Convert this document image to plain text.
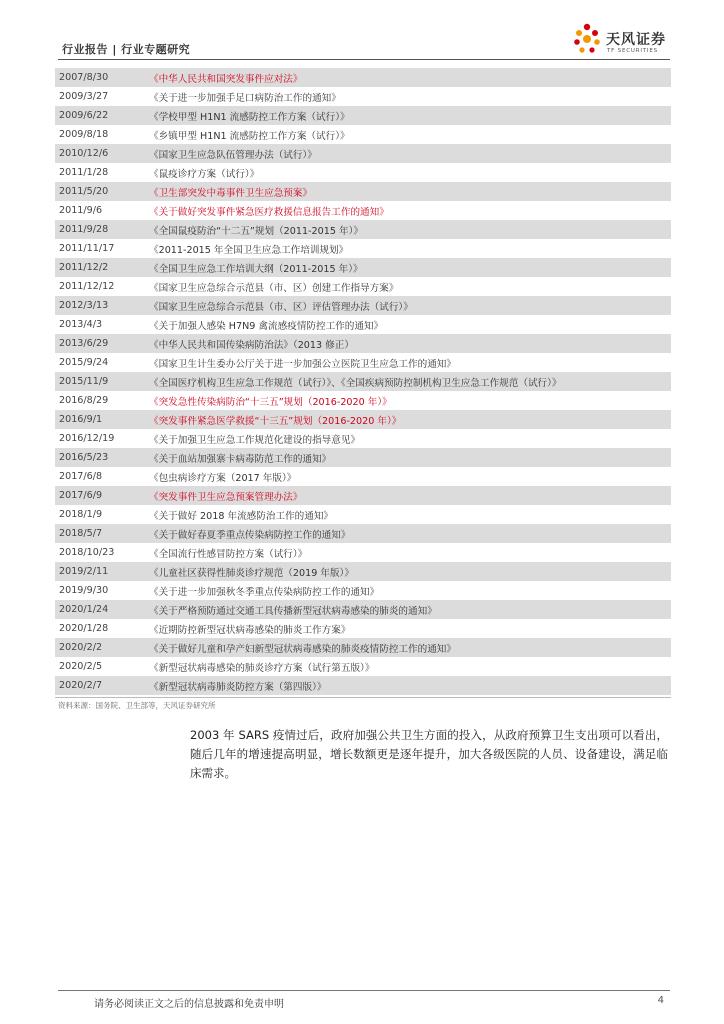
行业报告 | 行业专题研究
天风证券
TF SECURITIES
2007/8/30	《中华人民共和国突发事件应对法》
2009/3/27	《关于进一步加强手足口病防治工作的通知》
2009/6/22	《学校甲型 H1N1 流感防控工作方案（试行）》
2009/8/18	《乡镇甲型 H1N1 流感防控工作方案（试行）》
2010/12/6	《国家卫生应急队伍管理办法（试行）》
2011/1/28	《鼠疫诊疗方案（试行）》
2011/5/20	《卫生部突发中毒事件卫生应急预案》
2011/9/6	《关于做好突发事件紧急医疗救援信息报告工作的通知》
2011/9/28	《全国鼠疫防治“十二五”规划（2011-2015 年）》
2011/11/17	《2011-2015 年全国卫生应急工作培训规划》
2011/12/2	《全国卫生应急工作培训大纲（2011-2015 年）》
2011/12/12	《国家卫生应急综合示范县（市、区）创建工作指导方案》
2012/3/13	《国家卫生应急综合示范县（市、区）评估管理办法（试行）》
2013/4/3	《关于加强人感染 H7N9 禽流感疫情防控工作的通知》
2013/6/29	《中华人民共和国传染病防治法》（2013 修正）
2015/9/24	《国家卫生计生委办公厅关于进一步加强公立医院卫生应急工作的通知》
2015/11/9	《全国医疗机构卫生应急工作规范（试行）》、《全国疾病预防控制机构卫生应急工作规范（试行）》
2016/8/29	《突发急性传染病防治“十三五”规划（2016-2020 年）》
2016/9/1	《突发事件紧急医学救援“十三五”规划（2016-2020 年）》
2016/12/19	《关于加强卫生应急工作规范化建设的指导意见》
2016/5/23	《关于血站加强寨卡病毒防范工作的通知》
2017/6/8	《包虫病诊疗方案（2017 年版）》
2017/6/9	《突发事件卫生应急预案管理办法》
2018/1/9	《关于做好 2018 年流感防治工作的通知》
2018/5/7	《关于做好春夏季重点传染病防控工作的通知》
2018/10/23	《全国流行性感冒防控方案（试行）》
2019/2/11	《儿童社区获得性肺炎诊疗规范（2019 年版）》
2019/9/30	《关于进一步加强秋冬季重点传染病防控工作的通知》
2020/1/24	《关于严格预防通过交通工具传播新型冠状病毒感染的肺炎的通知》
2020/1/28	《近期防控新型冠状病毒感染的肺炎工作方案》
2020/2/2	《关于做好儿童和孕产妇新型冠状病毒感染的肺炎疫情防控工作的通知》
2020/2/5	《新型冠状病毒感染的肺炎诊疗方案（试行第五版）》
2020/2/7	《新型冠状病毒肺炎防控方案（第四版）》
资料来源：国务院、卫生部等，天风证券研究所
2003 年 SARS 疫情过后，政府加强公共卫生方面的投入，从政府预算卫生支出项可以看出，随后几年的增速提高明显，增长数额更是逐年提升，加大各级医院的人员、设备建设，满足临床需求。
请务必阅读正文之后的信息披露和免责申明	4
